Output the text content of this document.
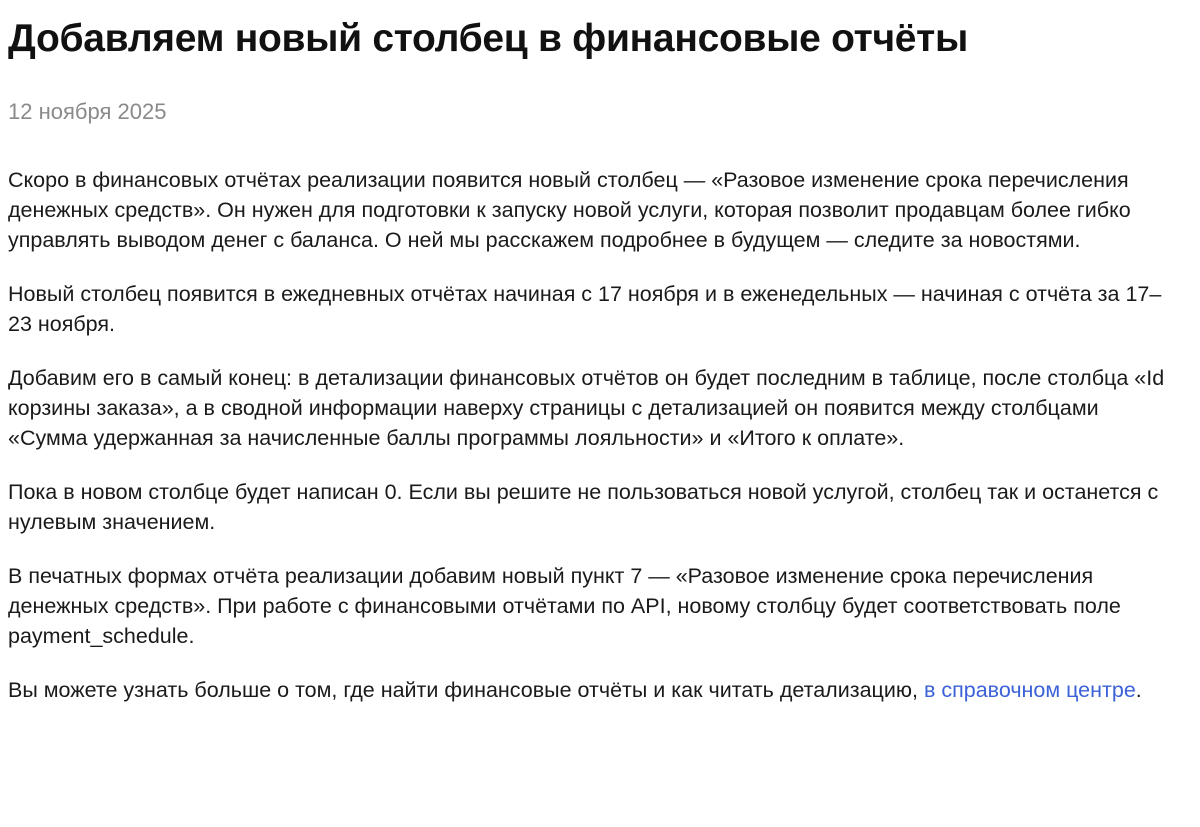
Добавляем новый столбец в финансовые отчёты
12 ноября 2025

Скоро в финансовых отчётах реализации появится новый столбец — «Разовое изменение срока перечисления денежных средств». Он нужен для подготовки к запуску новой услуги, которая позволит продавцам более гибко управлять выводом денег с баланса. О ней мы расскажем подробнее в будущем — следите за новостями.

Новый столбец появится в ежедневных отчётах начиная с 17 ноября и в еженедельных — начиная с отчёта за 17–23 ноября.

Добавим его в самый конец: в детализации финансовых отчётов он будет последним в таблице, после столбца «Id корзины заказа», а в сводной информации наверху страницы с детализацией он появится между столбцами «Сумма удержанная за начисленные баллы программы лояльности» и «Итого к оплате».

Пока в новом столбце будет написан 0. Если вы решите не пользоваться новой услугой, столбец так и останется с нулевым значением.

В печатных формах отчёта реализации добавим новый пункт 7 — «Разовое изменение срока перечисления денежных средств». При работе с финансовыми отчётами по API, новому столбцу будет соответствовать поле payment_schedule.

Вы можете узнать больше о том, где найти финансовые отчёты и как читать детализацию, в справочном центре.
